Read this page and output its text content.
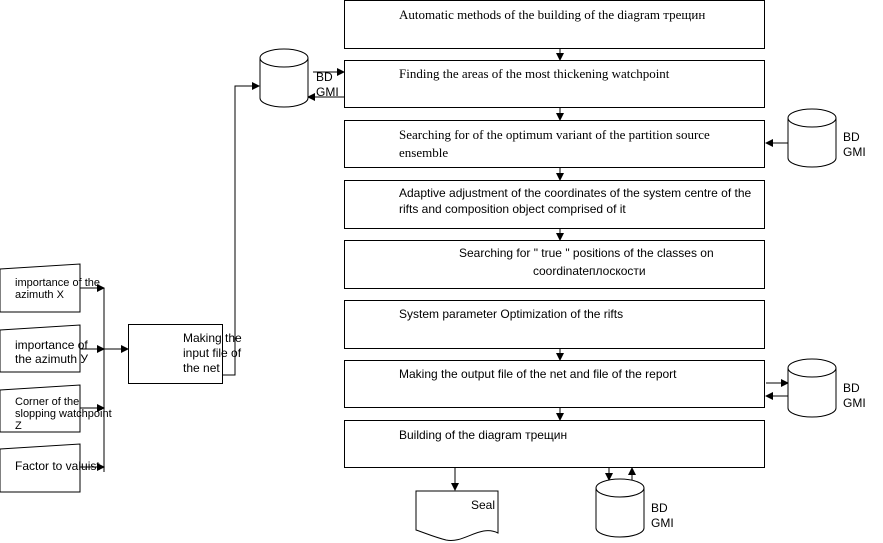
Automatic methods of the building of the diagram трещин
Finding the areas of the most thickening watchpoint
Searching for of the optimum variant of the partition source
ensemble
Adaptive adjustment of the coordinates of the system centre of the
rifts and composition object comprised of it
Searching for " true " positions of the classes on
coordinateплоскости
System parameter Optimization of the rifts
Making the output file of the net and file of the report
Building of the diagram трещин
importance of the azimuth X
importance of the azimuth У
Corner of the slopping watchpoint Z
Factor to valuist
Making the
input file of
the net
BD
GMI
BD
GMI
BD
GMI
BD
GMI
Seal
